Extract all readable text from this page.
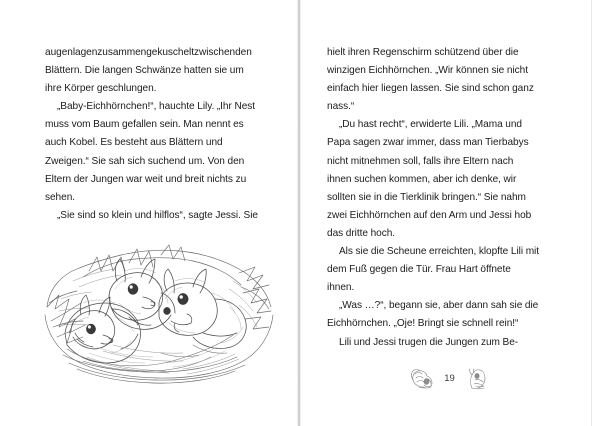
augenlagenzusammengekuscheltzwischenden
Blättern. Die langen Schwänze hatten sie um
ihre Körper geschlungen.

„Baby-Eichhörnchen!“, hauchte Lily. „Ihr Nest
muss vom Baum gefallen sein. Man nennt es
auch Kobel. Es besteht aus Blättern und
Zweigen.“ Sie sah sich suchend um. Von den
Eltern der Jungen war weit und breit nichts zu
sehen.

„Sie sind so klein und hilflos“, sagte Jessi. Sie

hielt ihren Regenschirm schützend über die
winzigen Eichhörnchen. „Wir können sie nicht
einfach hier liegen lassen. Sie sind schon ganz
nass.“

„Du hast recht“, erwiderte Lili. „Mama und
Papa sagen zwar immer, dass man Tierbabys
nicht mitnehmen soll, falls ihre Eltern nach
ihnen suchen kommen, aber ich denke, wir
sollten sie in die Tierklinik bringen.“ Sie nahm
zwei Eichhörnchen auf den Arm und Jessi hob
das dritte hoch.

Als sie die Scheune erreichten, klopfte Lili mit
dem Fuß gegen die Tür. Frau Hart öffnete
ihnen.

„Was …?“, begann sie, aber dann sah sie die
Eichhörnchen. „Oje! Bringt sie schnell rein!“

Lili und Jessi trugen die Jungen zum Be-

19
